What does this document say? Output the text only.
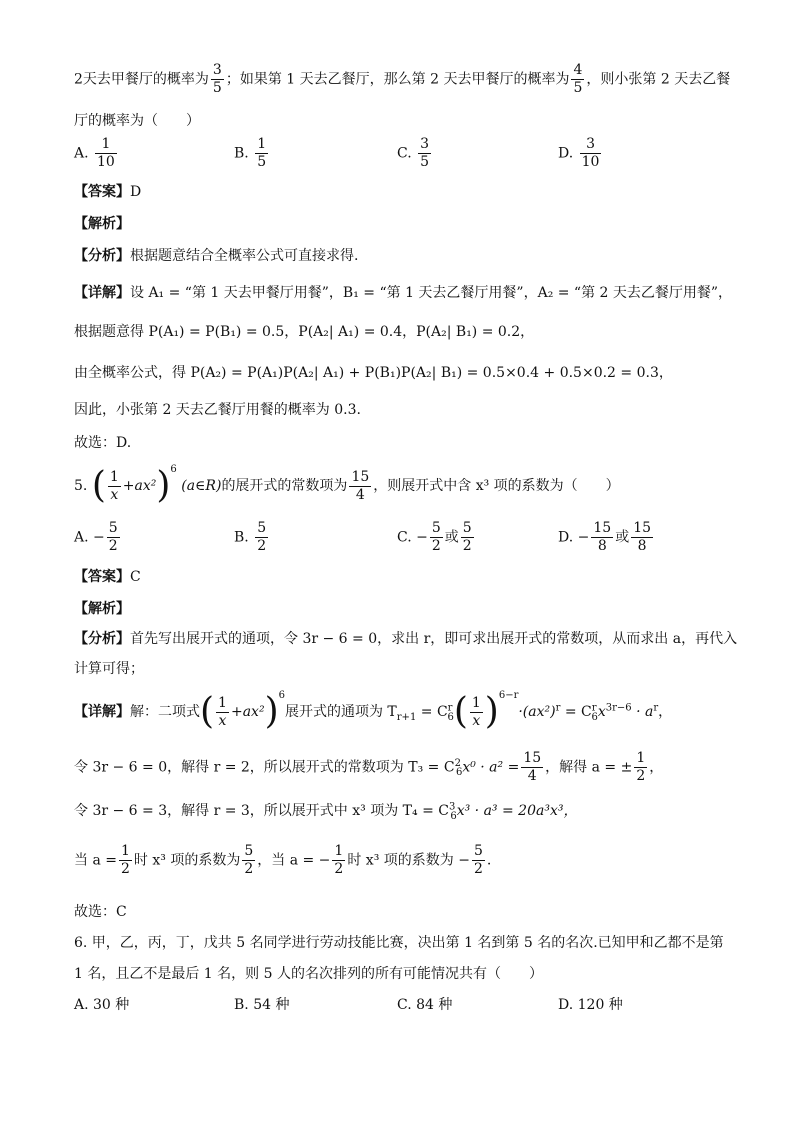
2天去甲餐厅的概率为 $\frac{3}{5}$ ；如果第 1 天去乙餐厅，那么第 2 天去甲餐厅的概率为 $\frac{4}{5}$ ，则小张第 2 天去乙餐
厅的概率为（　　）
A. $\frac{1}{10}$	B. $\frac{1}{5}$	C. $\frac{3}{5}$	D. $\frac{3}{10}$
【答案】D
【解析】
【分析】根据题意结合全概率公式可直接求得.
【详解】设 A₁ = “第 1 天去甲餐厅用餐”，B₁ = “第 1 天去乙餐厅用餐”，A₂ = “第 2 天去乙餐厅用餐”，
根据题意得 P(A₁) = P(B₁) = 0.5，P(A₂| A₁) = 0.4，P(A₂| B₁) = 0.2，
由全概率公式，得 P(A₂) = P(A₁)P(A₂| A₁) + P(B₁)P(A₂| B₁) = 0.5×0.4 + 0.5×0.2 = 0.3，
因此，小张第 2 天去乙餐厅用餐的概率为 0.3.
故选：D.
5. ( $\frac{1}{x} +ax^2)^6$ (a∈R)的展开式的常数项为 $\frac{15}{4}$ ，则展开式中含 x³ 项的系数为（　　）
A. − $\frac{5}{2}$	B. $\frac{5}{2}$	C. − $\frac{5}{2}$ 或 $\frac{5}{2}$	D. − $\frac{15}{8}$ 或 $\frac{15}{8}$
【答案】C
【解析】
【分析】首先写出展开式的通项，令 3r − 6 = 0，求出 r，即可求出展开式的常数项，从而求出 a，再代入
计算可得；
【详解】解：二项式( $\frac{1}{x} +ax^2)^6$展开式的通项为 $T_{r+1} = C^r_6( \frac{1}{x} )^{6-r}\cdot(ax^2)^r = C^r_6x^{3r-6} \cdot a^r$，
令 3r − 6 = 0，解得 r = 2，所以展开式的常数项为 $T_3 = C^2_6x^0 \cdot a^2 = \frac{15}{4}$ ，解得 a = ± $\frac{1}{2}$ ，
令 3r − 6 = 3，解得 r = 3，所以展开式中 x³ 项为 $T_4 = C^3_6x^3 \cdot a^3 = 20a^3x^3$，
当 $a = \frac{1}{2}$ 时 x³ 项的系数为 $\frac{5}{2}$ ，当 a = − $\frac{1}{2}$ 时 x³ 项的系数为 − $\frac{5}{2}$ .
故选：C
6. 甲，乙，丙，丁，戊共 5 名同学进行劳动技能比赛，决出第 1 名到第 5 名的名次.已知甲和乙都不是第
1 名，且乙不是最后 1 名，则 5 人的名次排列的所有可能情况共有（　　）
A. 30 种	B. 54 种	C. 84 种	D. 120 种
